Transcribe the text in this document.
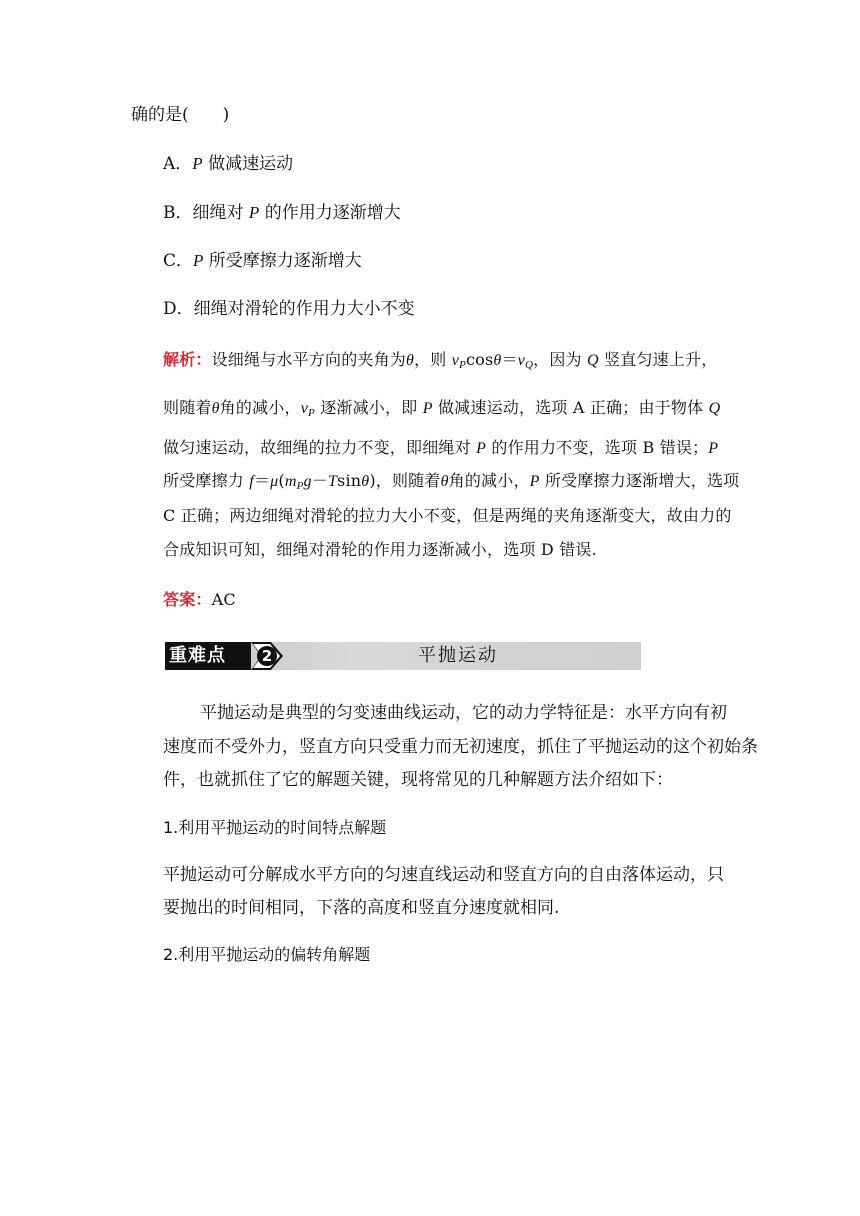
确的是(　　)
A．P 做减速运动
B．细绳对 P 的作用力逐渐增大
C．P 所受摩擦力逐渐增大
D．细绳对滑轮的作用力大小不变
解析：设细绳与水平方向的夹角为θ，则 $v_P\cos\theta=v_Q$，因为 Q 竖直匀速上升，
则随着θ角的减小，$v_P$ 逐渐减小，即 P 做减速运动，选项 A 正确；由于物体 Q
做匀速运动，故细绳的拉力不变，即细绳对 P 的作用力不变，选项 B 错误；P
所受摩擦力 $f=\mu(m_Pg-Tsin\theta)$，则随着θ角的减小，P 所受摩擦力逐渐增大，选项
C 正确；两边细绳对滑轮的拉力大小不变，但是两绳的夹角逐渐变大，故由力的
合成知识可知，细绳对滑轮的作用力逐渐减小，选项 D 错误.
答案：AC
重难点	2	平抛运动
平抛运动是典型的匀变速曲线运动，它的动力学特征是：水平方向有初
速度而不受外力，竖直方向只受重力而无初速度，抓住了平抛运动的这个初始条
件，也就抓住了它的解题关键，现将常见的几种解题方法介绍如下：
1.利用平抛运动的时间特点解题
平抛运动可分解成水平方向的匀速直线运动和竖直方向的自由落体运动，只
要抛出的时间相同，下落的高度和竖直分速度就相同.
2.利用平抛运动的偏转角解题
